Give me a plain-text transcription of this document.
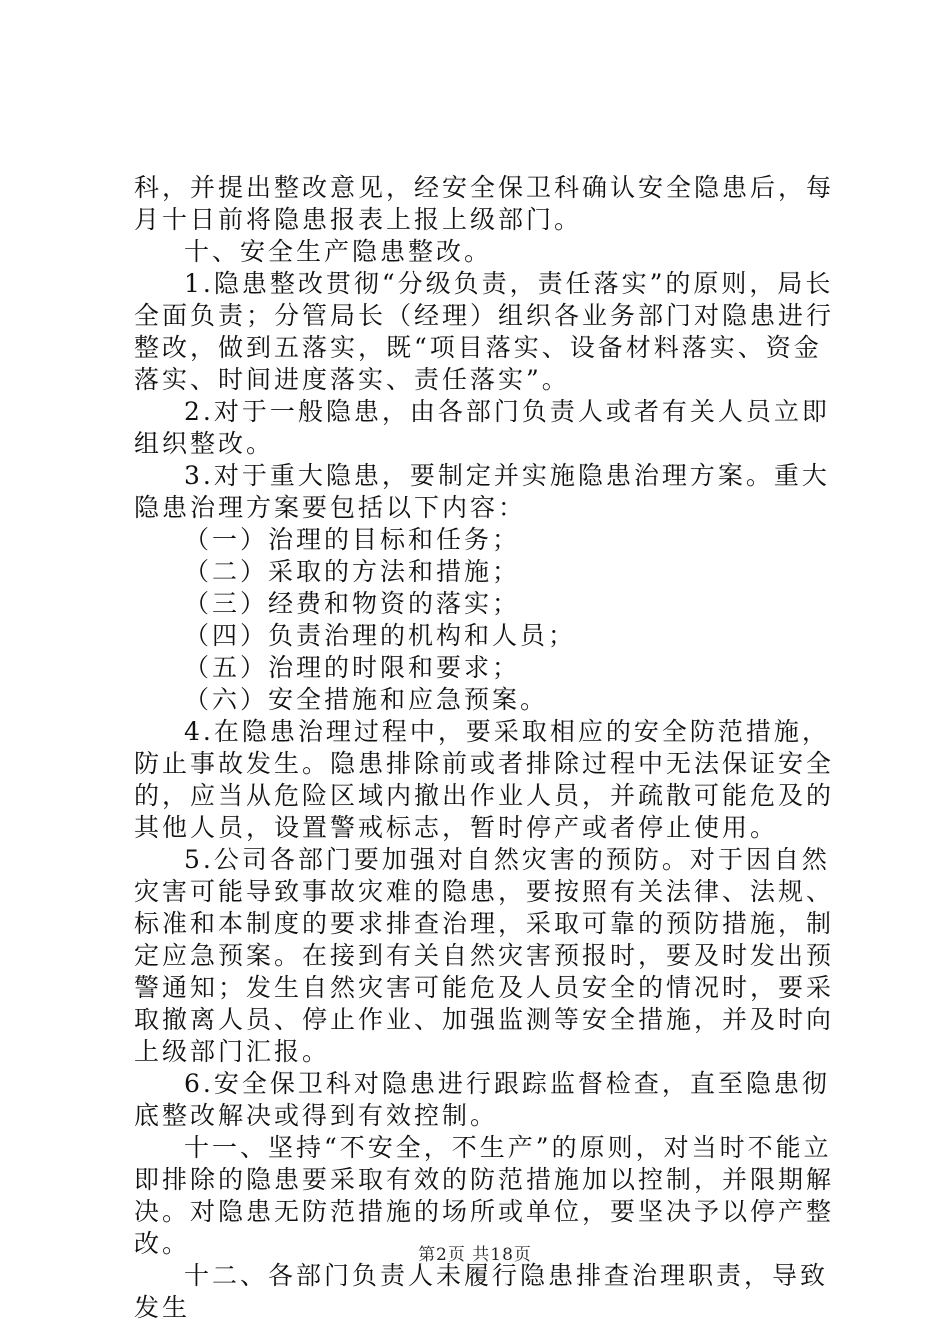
科，并提出整改意见，经安全保卫科确认安全隐患后，每月十日前将隐患报表上报上级部门。

十、安全生产隐患整改。

1.隐患整改贯彻“分级负责，责任落实”的原则，局长全面负责；分管局长（经理）组织各业务部门对隐患进行整改，做到五落实，既“项目落实、设备材料落实、资金落实、时间进度落实、责任落实”。

2.对于一般隐患，由各部门负责人或者有关人员立即组织整改。

3.对于重大隐患，要制定并实施隐患治理方案。重大隐患治理方案要包括以下内容：

（一）治理的目标和任务；

（二）采取的方法和措施；

（三）经费和物资的落实；

（四）负责治理的机构和人员；

（五）治理的时限和要求；

（六）安全措施和应急预案。

4.在隐患治理过程中，要采取相应的安全防范措施，防止事故发生。隐患排除前或者排除过程中无法保证安全的，应当从危险区域内撤出作业人员，并疏散可能危及的其他人员，设置警戒标志，暂时停产或者停止使用。

5.公司各部门要加强对自然灾害的预防。对于因自然灾害可能导致事故灾难的隐患，要按照有关法律、法规、标准和本制度的要求排查治理，采取可靠的预防措施，制定应急预案。在接到有关自然灾害预报时，要及时发出预警通知；发生自然灾害可能危及人员安全的情况时，要采取撤离人员、停止作业、加强监测等安全措施，并及时向上级部门汇报。

6.安全保卫科对隐患进行跟踪监督检查，直至隐患彻底整改解决或得到有效控制。

十一、坚持“不安全，不生产”的原则，对当时不能立即排除的隐患要采取有效的防范措施加以控制，并限期解决。对隐患无防范措施的场所或单位，要坚决予以停产整改。

十二、各部门负责人未履行隐患排查治理职责，导致发生

第2页 共18页
